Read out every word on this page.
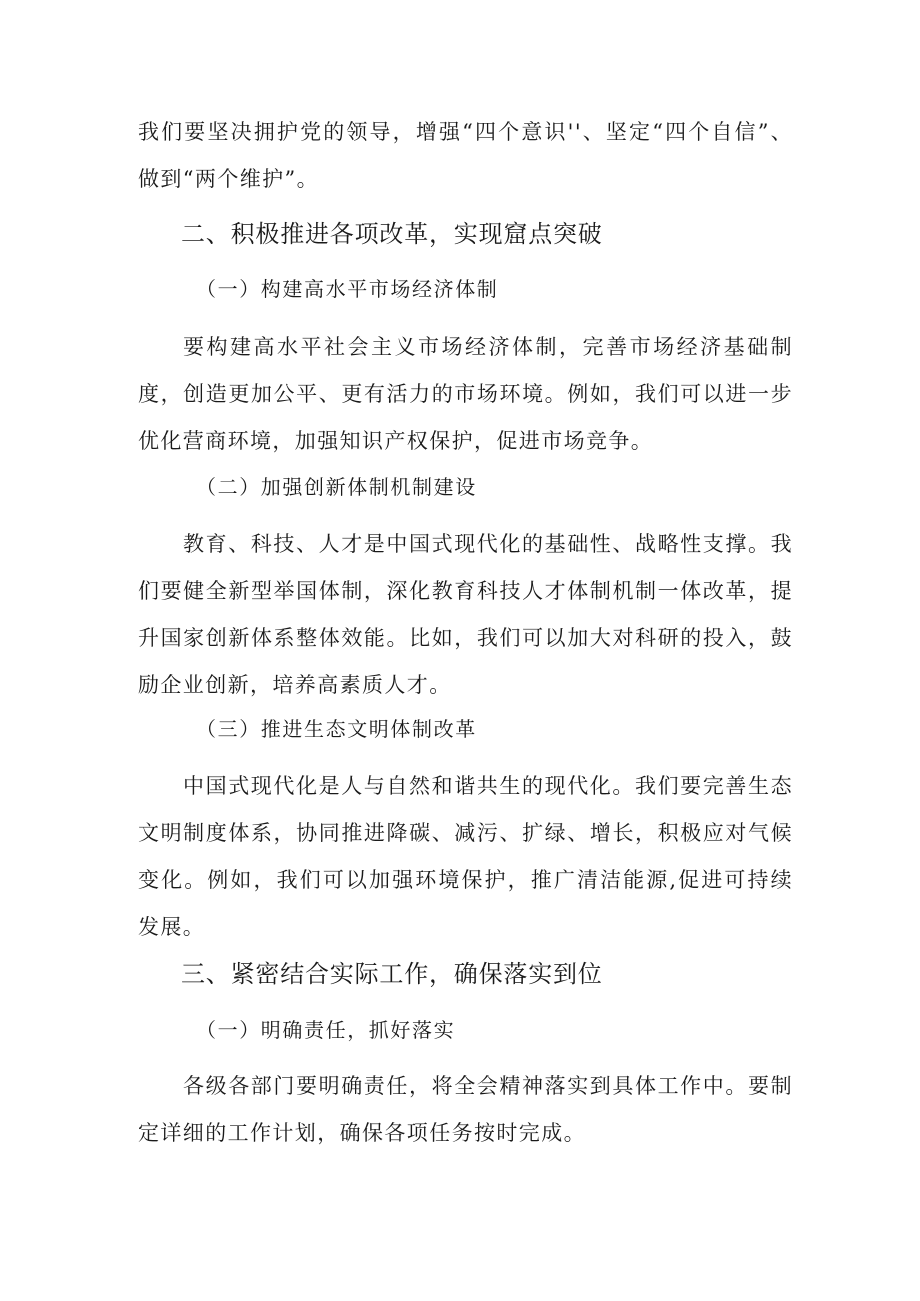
我们要坚决拥护党的领导，增强“四个意识''、坚定“四个自信”、做到“两个维护”。
二、积极推进各项改革，实现窟点突破
（一）构建高水平市场经济体制
要构建高水平社会主义市场经济体制，完善市场经济基础制度，创造更加公平、更有活力的市场环境。例如，我们可以进一步优化营商环境，加强知识产权保护，促进市场竞争。
（二）加强创新体制机制建设
教育、科技、人才是中国式现代化的基础性、战略性支撑。我们要健全新型举国体制，深化教育科技人才体制机制一体改革，提升国家创新体系整体效能。比如，我们可以加大对科研的投入，鼓励企业创新，培养高素质人才。
（三）推进生态文明体制改革
中国式现代化是人与自然和谐共生的现代化。我们要完善生态文明制度体系，协同推进降碳、减污、扩绿、增长，积极应对气候变化。例如，我们可以加强环境保护，推广清洁能源,促进可持续发展。
三、紧密结合实际工作，确保落实到位
（一）明确责任，抓好落实
各级各部门要明确责任，将全会精神落实到具体工作中。要制定详细的工作计划，确保各项任务按时完成。
